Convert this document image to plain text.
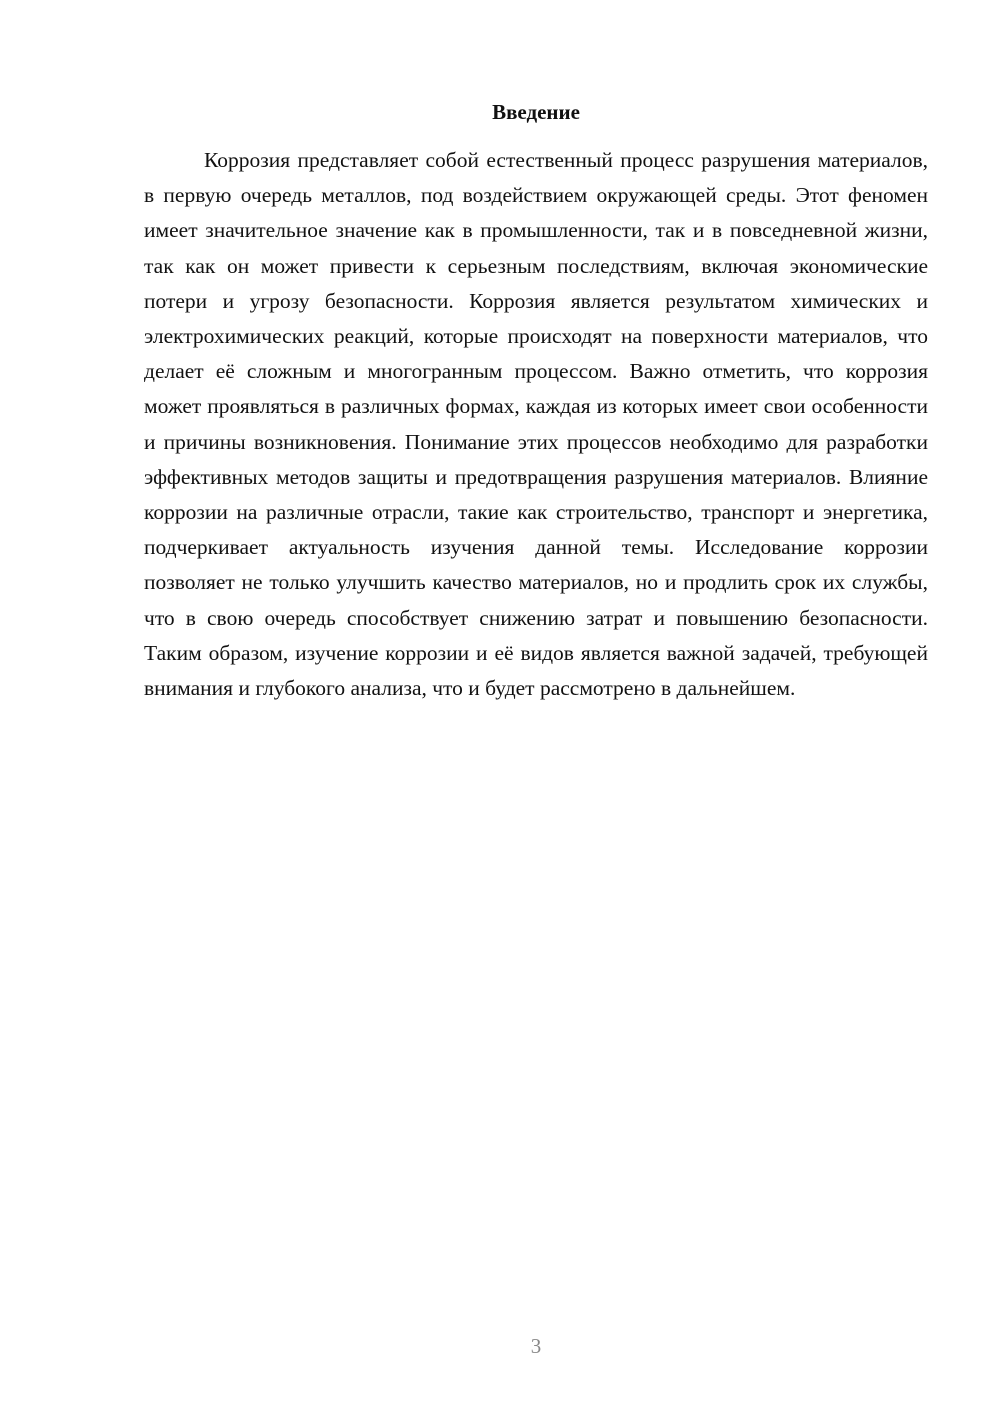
Введение

Коррозия представляет собой естественный процесс разрушения материалов, в первую очередь металлов, под воздействием окружающей среды. Этот феномен имеет значительное значение как в промышленности, так и в повседневной жизни, так как он может привести к серьезным последствиям, включая экономические потери и угрозу безопасности. Коррозия является результатом химических и электрохимических реакций, которые происходят на поверхности материалов, что делает её сложным и многогранным процессом. Важно отметить, что коррозия может проявляться в различных формах, каждая из которых имеет свои особенности и причины возникновения. Понимание этих процессов необходимо для разработки эффективных методов защиты и предотвращения разрушения материалов. Влияние коррозии на различные отрасли, такие как строительство, транспорт и энергетика, подчеркивает актуальность изучения данной темы. Исследование коррозии позволяет не только улучшить качество материалов, но и продлить срок их службы, что в свою очередь способствует снижению затрат и повышению безопасности. Таким образом, изучение коррозии и её видов является важной задачей, требующей внимания и глубокого анализа, что и будет рассмотрено в дальнейшем.

3
